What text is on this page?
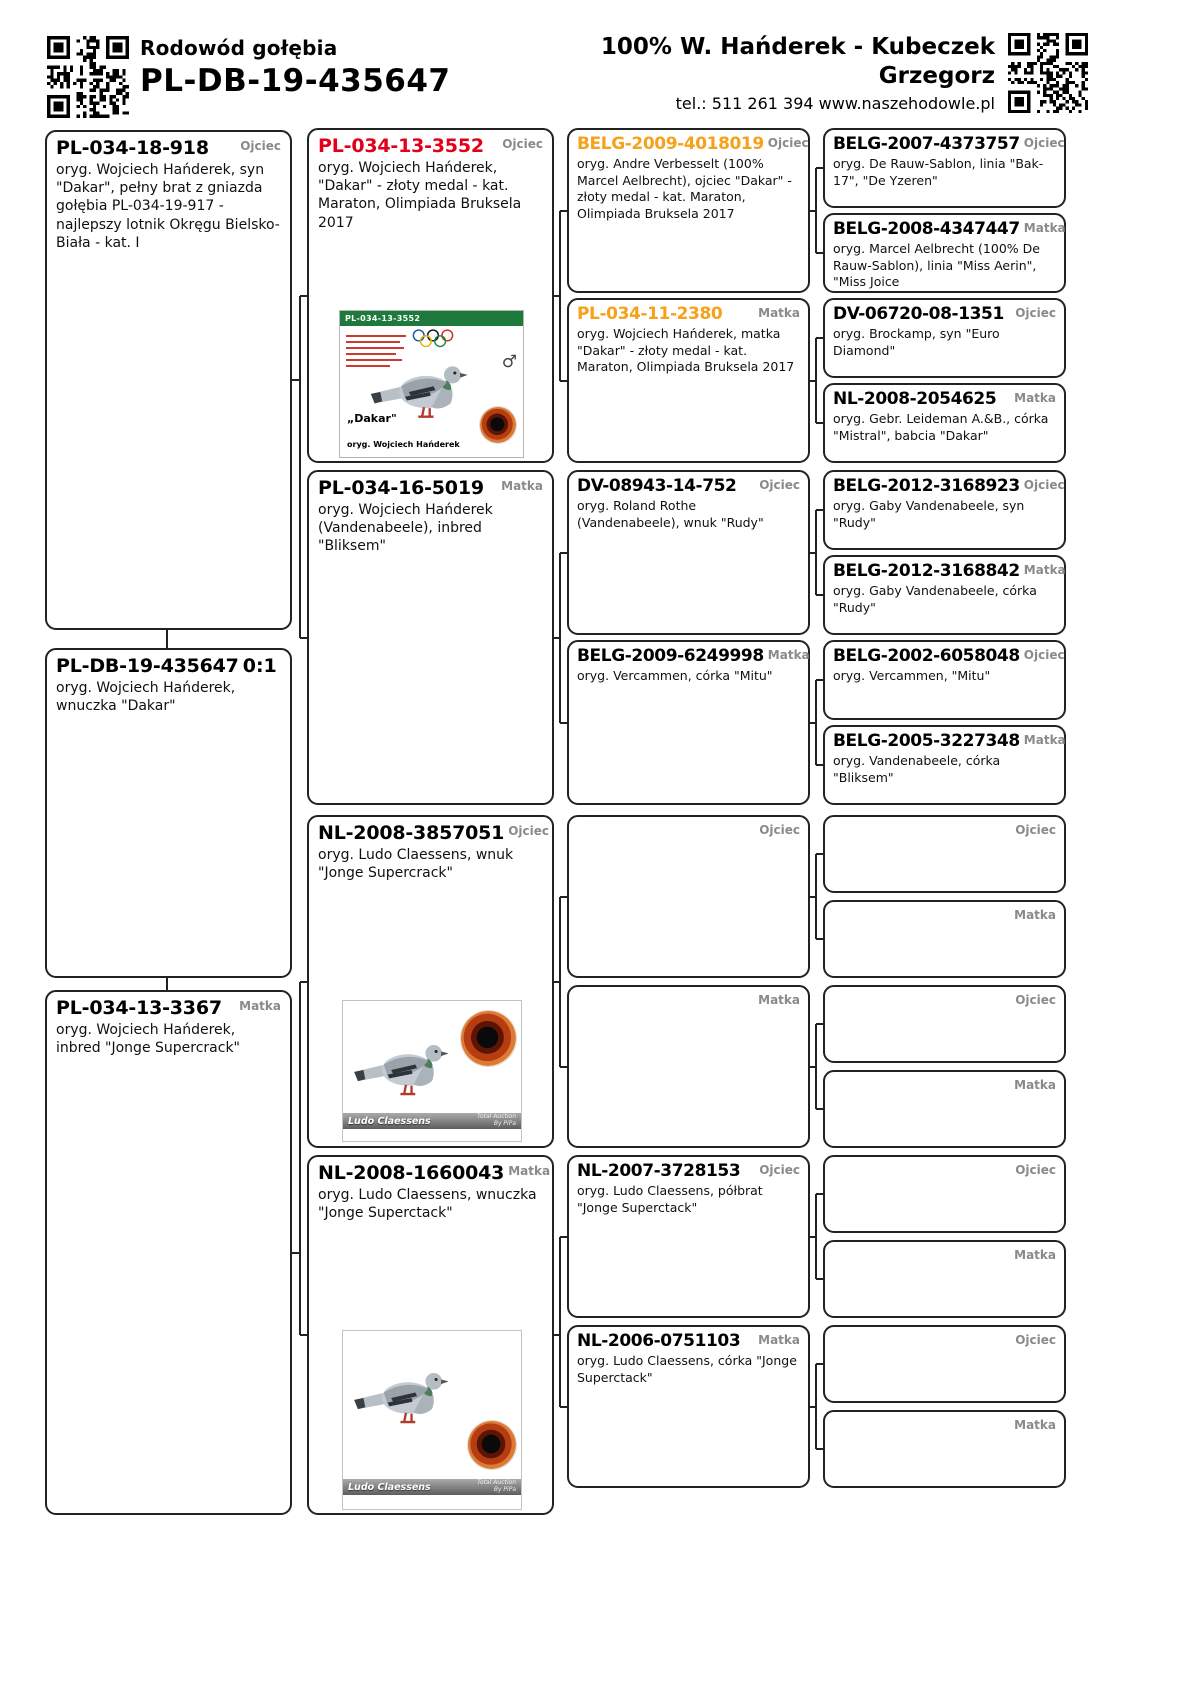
Rodowód gołębia
PL-DB-19-435647
100% W. Hańderek - Kubeczek
Grzegorz
tel.: 511 261 394 www.naszehodowle.pl
PL-034-18-918	Ojciec
oryg. Wojciech Hańderek, syn "Dakar", pełny brat z gniazda gołębia PL-034-19-917 - najlepszy lotnik Okręgu Bielsko-Biała - kat. I
PL-DB-19-435647 0:1
oryg. Wojciech Hańderek, wnuczka "Dakar"
PL-034-13-3367 Matka
oryg. Wojciech Hańderek, inbred "Jonge Supercrack"
PL-034-13-3552 Ojciec
oryg. Wojciech Hańderek, "Dakar" - złoty medal - kat. Maraton, Olimpiada Bruksela 2017
PL-034-13-3552
♂
„Dakar"
oryg. Wojciech Hańderek
PL-034-16-5019 Matka
oryg. Wojciech Hańderek (Vandenabeele), inbred "Bliksem"
NL-2008-3857051 Ojciec
oryg. Ludo Claessens, wnuk "Jonge Supercrack"
Ludo Claessens	Total Auction
By PiPa
NL-2008-1660043 Matka
oryg. Ludo Claessens, wnuczka "Jonge Superctack"
Ludo Claessens	Total Auction
By PiPa
BELG-2009-4018019 Ojciec
oryg. Andre Verbesselt (100% Marcel Aelbrecht), ojciec "Dakar" - złoty medal - kat. Maraton, Olimpiada Bruksela 2017
PL-034-11-2380	Matka
oryg. Wojciech Hańderek, matka "Dakar" - złoty medal - kat. Maraton, Olimpiada Bruksela 2017
DV-08943-14-752 Ojciec
oryg. Roland Rothe (Vandenabeele), wnuk "Rudy"
BELG-2009-6249998 Matka
oryg. Vercammen, córka "Mitu"
Ojciec
Matka
NL-2007-3728153 Ojciec
oryg. Ludo Claessens, półbrat "Jonge Superctack"
NL-2006-0751103 Matka
oryg. Ludo Claessens, córka "Jonge Superctack"
BELG-2007-4373757 Ojciec
oryg. De Rauw-Sablon, linia "Bak-17", "De Yzeren"
BELG-2008-4347447 Matka
oryg. Marcel Aelbrecht (100% De Rauw-Sablon), linia "Miss Aerin", "Miss Joice
DV-06720-08-1351 Ojciec
oryg. Brockamp, syn "Euro Diamond"
NL-2008-2054625 Matka
oryg. Gebr. Leideman A.&B., córka "Mistral", babcia "Dakar"
BELG-2012-3168923 Ojciec
oryg. Gaby Vandenabeele, syn "Rudy"
BELG-2012-3168842 Matka
oryg. Gaby Vandenabeele, córka "Rudy"
BELG-2002-6058048 Ojciec
oryg. Vercammen, "Mitu"
BELG-2005-3227348 Matka
oryg. Vandenabeele, córka "Bliksem"
Ojciec
Matka
Ojciec
Matka
Ojciec
Matka
Ojciec
Matka
